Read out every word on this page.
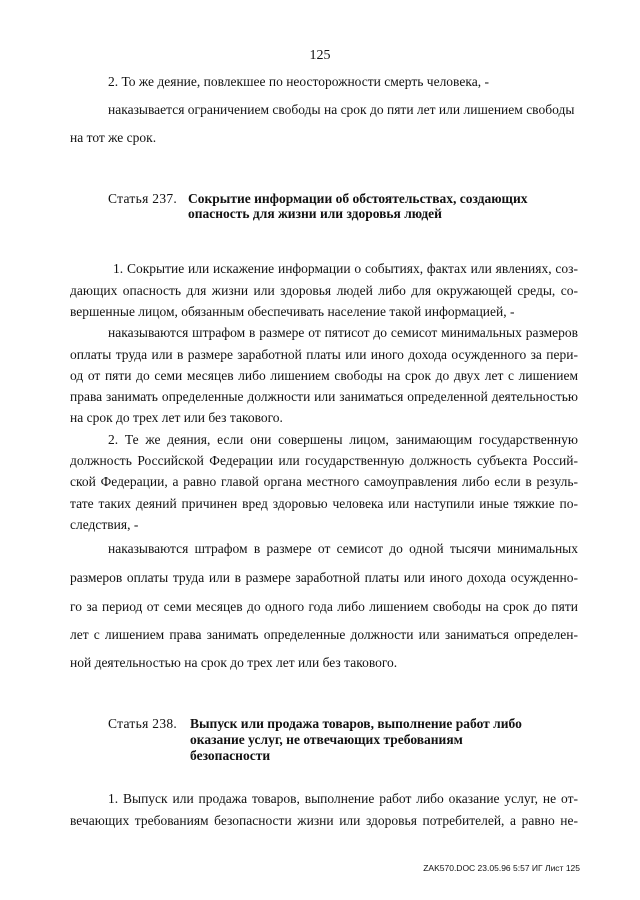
125
2. То же деяние, повлекшее по неосторожности смерть человека, -
наказывается ограничением свободы на срок до пяти лет или лишением свободы
на тот же срок.
Статья 237. Сокрытие информации об обстоятельствах, создающих
опасность для жизни или здоровья людей
1. Сокрытие или искажение информации о событиях, фактах или явлениях, соз-
дающих опасность для жизни или здоровья людей либо для окружающей среды, со-
вершенные лицом, обязанным обеспечивать население такой информацией, -
наказываются штрафом в размере от пятисот до семисот минимальных размеров
оплаты труда или в размере заработной платы или иного дохода осужденного за пери-
од от пяти до семи месяцев либо лишением свободы на срок до двух лет с лишением
права занимать определенные должности или заниматься определенной деятельностью
на срок до трех лет или без такового.
2. Те же деяния, если они совершены лицом, занимающим государственную
должность Российской Федерации или государственную должность субъекта Россий-
ской Федерации, а равно главой органа местного самоуправления либо если в резуль-
тате таких деяний причинен вред здоровью человека или наступили иные тяжкие по-
следствия, -
наказываются штрафом в размере от семисот до одной тысячи минимальных
размеров оплаты труда или в размере заработной платы или иного дохода осужденно-
го за период от семи месяцев до одного года либо лишением свободы на срок до пяти
лет с лишением права занимать определенные должности или заниматься определен-
ной деятельностью на срок до трех лет или без такового.
Статья 238. Выпуск или продажа товаров, выполнение работ либо
оказание услуг, не отвечающих требованиям
безопасности
1. Выпуск или продажа товаров, выполнение работ либо оказание услуг, не от-
вечающих требованиям безопасности жизни или здоровья потребителей, а равно не-
ZAK570.DOC 23.05.96 5:57 ИГ Лист 125
